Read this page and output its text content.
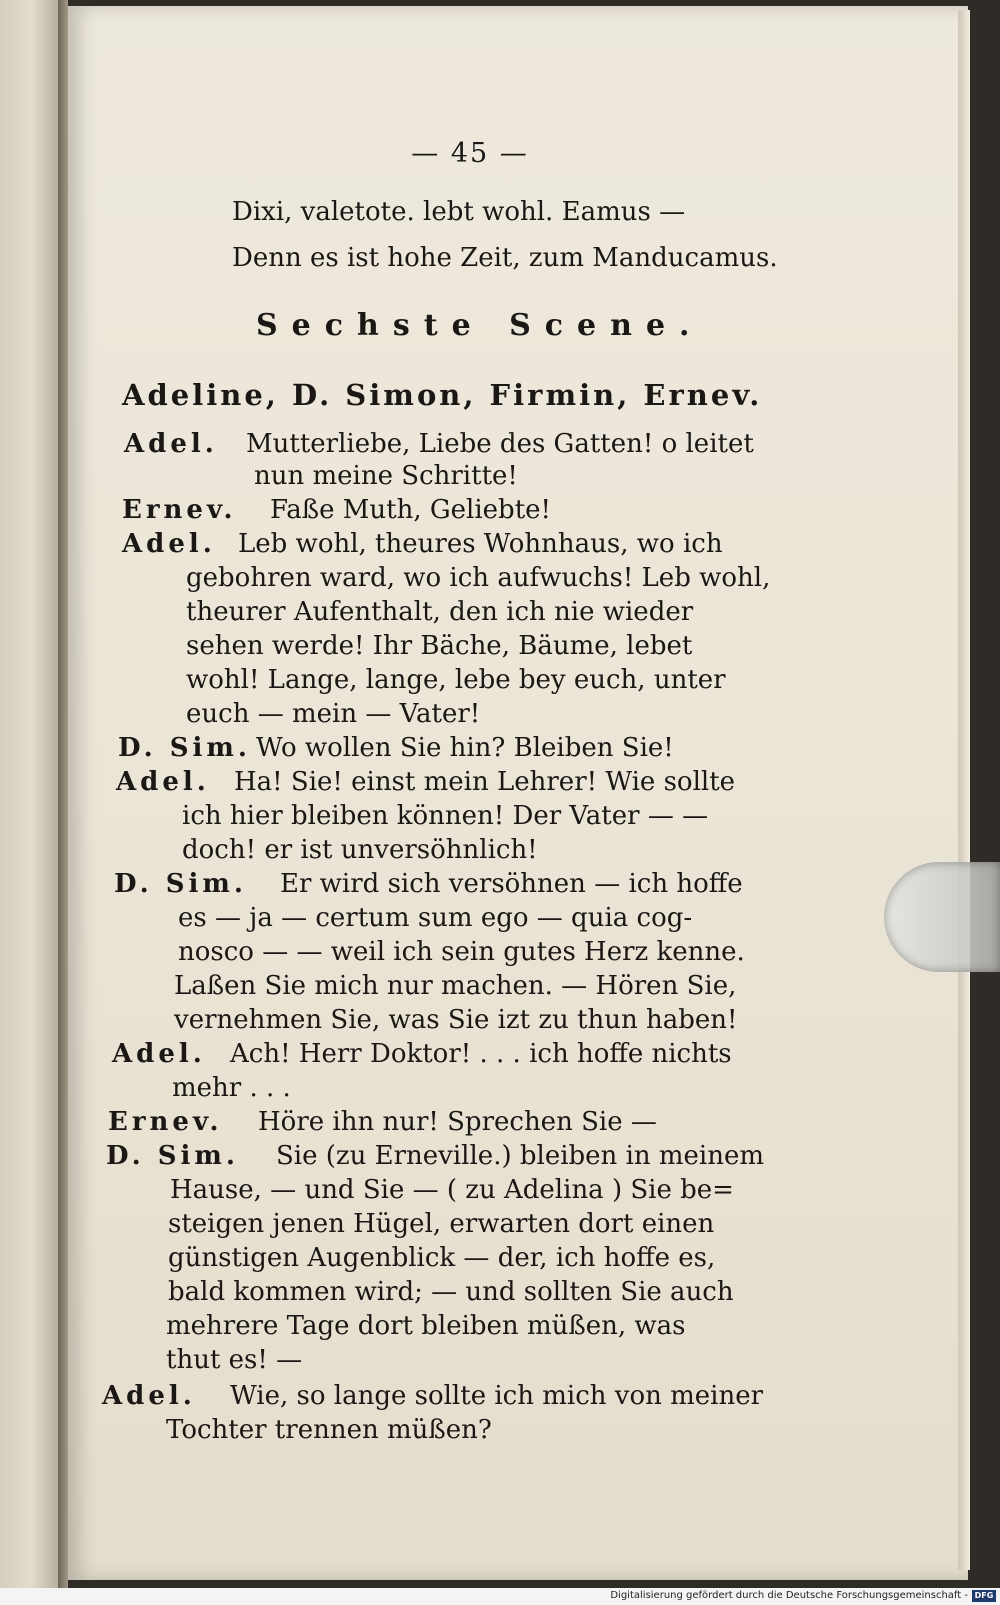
— 45 —
Dixi, valetote. lebt wohl. Eamus —
Denn es ist hohe Zeit, zum Manducamus.
Sechste Scene.
Adeline, D. Simon, Firmin, Ernev.
Adel. Mutterliebe, Liebe des Gatten! o leitet
nun meine Schritte!
Ernev. Faße Muth, Geliebte!
Adel. Leb wohl, theures Wohnhaus, wo ich
gebohren ward, wo ich aufwuchs! Leb wohl,
theurer Aufenthalt, den ich nie wieder
sehen werde! Ihr Bäche, Bäume, lebet
wohl! Lange, lange, lebe bey euch, unter
euch — mein — Vater!
D. Sim. Wo wollen Sie hin? Bleiben Sie!
Adel. Ha! Sie! einst mein Lehrer! Wie sollte
ich hier bleiben können! Der Vater — —
doch! er ist unversöhnlich!
D. Sim. Er wird sich versöhnen — ich hoffe
es — ja — certum sum ego — quia cog-
nosco — — weil ich sein gutes Herz kenne.
Laßen Sie mich nur machen. — Hören Sie,
vernehmen Sie, was Sie izt zu thun haben!
Adel. Ach! Herr Doktor! . . . ich hoffe nichts
mehr . . .
Ernev. Höre ihn nur! Sprechen Sie —
D. Sim. Sie (zu Erneville.) bleiben in meinem
Hause, — und Sie — ( zu Adelina ) Sie be=
steigen jenen Hügel, erwarten dort einen
günstigen Augenblick — der, ich hoffe es,
bald kommen wird; — und sollten Sie auch
mehrere Tage dort bleiben müßen, was
thut es! —
Adel. Wie, so lange sollte ich mich von meiner
Tochter trennen müßen?
Digitalisierung gefördert durch die Deutsche Forschungsgemeinschaft - DFG
